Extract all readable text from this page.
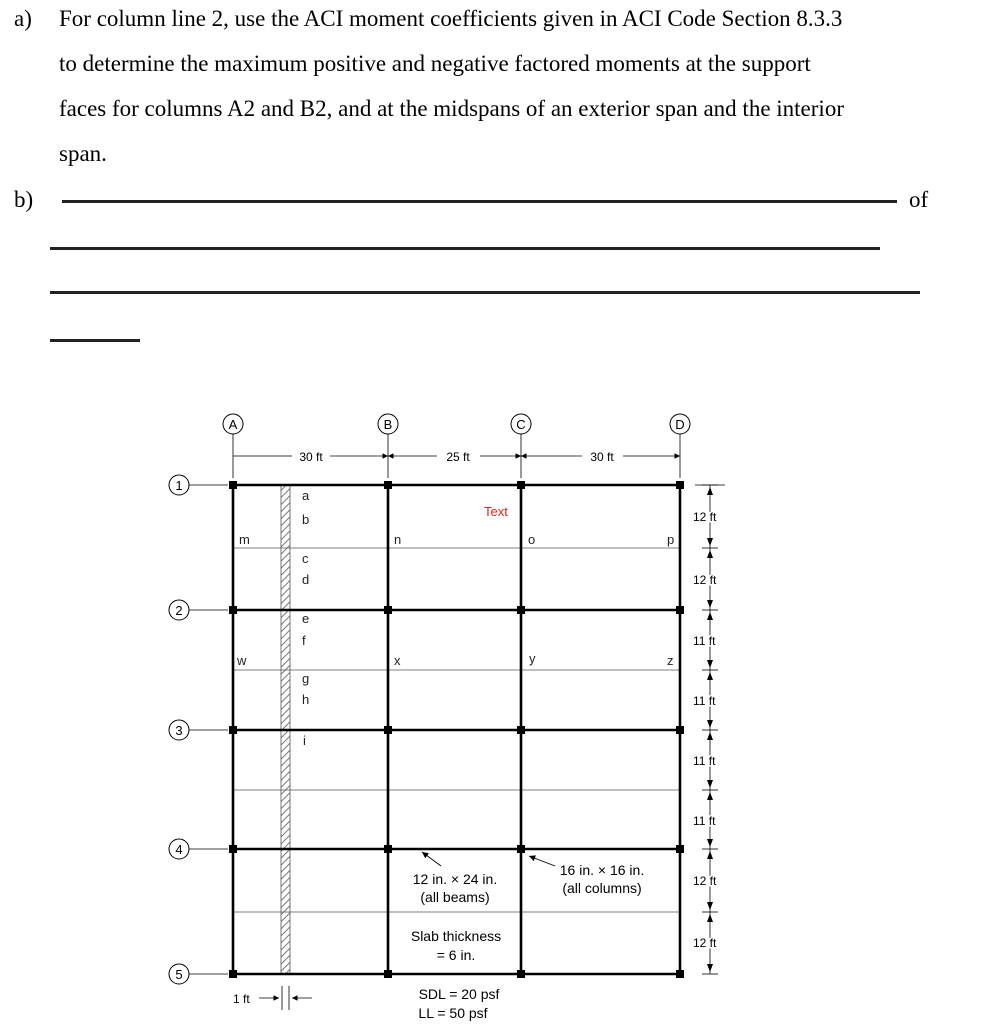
a) For column line 2, use the ACI moment coefficients given in ACI Code Section 8.3.3
to determine the maximum positive and negative factored moments at the support
faces for columns A2 and B2, and at the midspans of an exterior span and the interior
span.
b)	of
A	B	C	D
30 ft	25 ft	30 ft
1
2
3
4
5
a
b
c
d
e
f
g
h
i
m	n	o	p
w	x	y	z
Text	12 ft
12 ft
11 ft
11 ft
11 ft
11 ft
12 ft
12 ft
12 in. × 24 in.
(all beams)
16 in. × 16 in.
(all columns)
Slab thickness
= 6 in.
SDL = 20 psf
LL = 50 psf
1 ft
